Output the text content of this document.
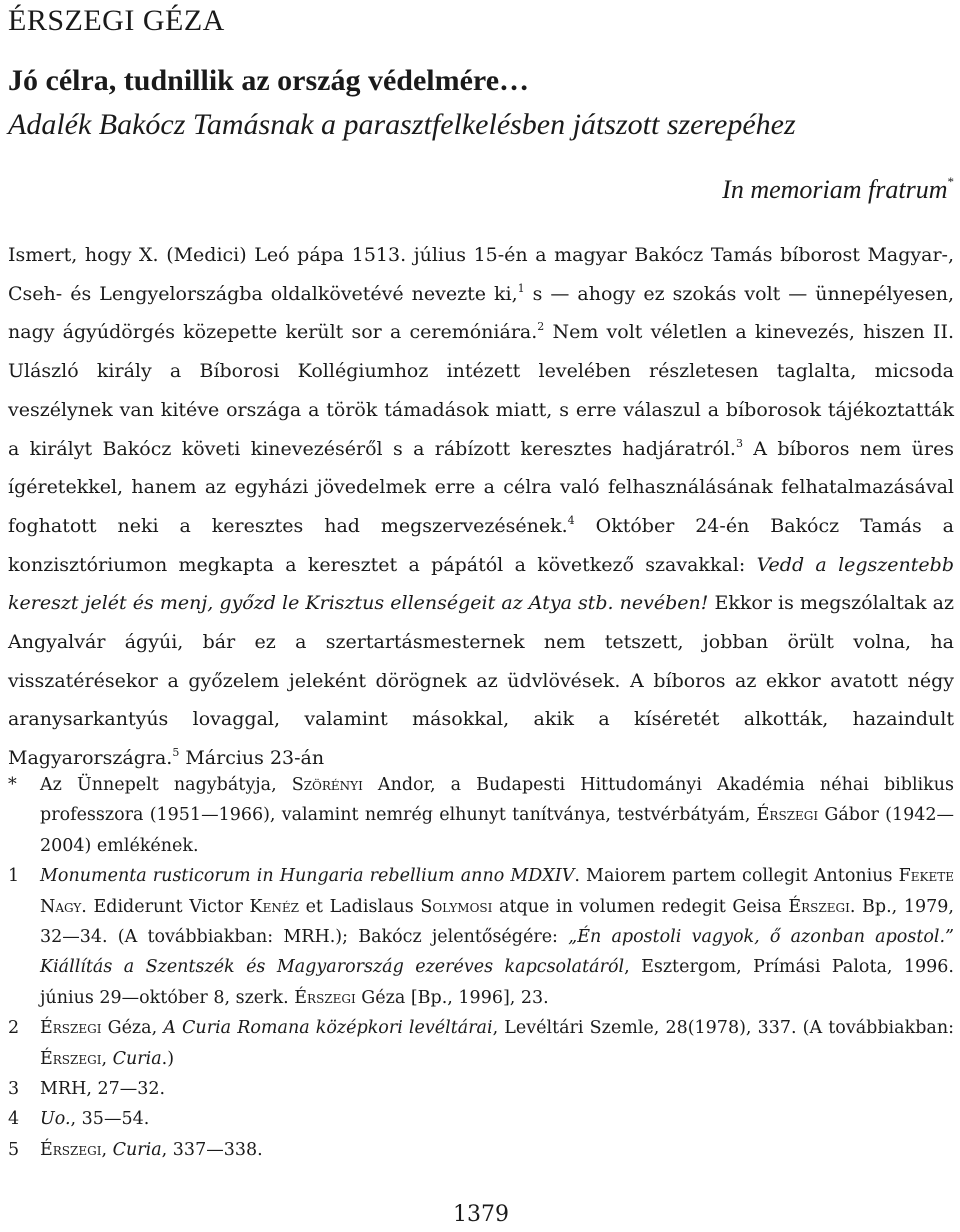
ÉRSZEGI GÉZA
Jó célra, tudnillik az ország védelmére…
Adalék Bakócz Tamásnak a parasztfelkelésben játszott szerepéhez
In memoriam fratrum*

Ismert, hogy X. (Medici) Leó pápa 1513. július 15-én a magyar Bakócz Tamás bíborost Magyar-, Cseh- és Lengyelországba oldalkövetévé nevezte ki,$^1$ s — ahogy ez szokás volt — ünnepélyesen, nagy ágyúdörgés közepette került sor a ceremóniára.$^2$ Nem volt véletlen a kinevezés, hiszen II. Ulászló király a Bíborosi Kollégiumhoz intézett levelében részletesen taglalta, micsoda veszélynek van kitéve országa a török támadások miatt, s erre válaszul a bíborosok tájékoztatták a királyt Bakócz követi kinevezéséről s a rábízott keresztes hadjáratról.$^3$ A bíboros nem üres ígéretekkel, hanem az egyházi jövedelmek erre a célra való felhasználásának felhatalmazásával foghatott neki a keresztes had megszervezésének.$^4$ Október 24-én Bakócz Tamás a konzisztóriumon megkapta a keresztet a pápától a következő szavakkal: Vedd a legszentebb kereszt jelét és menj, győzd le Krisztus ellenségeit az Atya stb. nevében! Ekkor is megszólaltak az Angyalvár ágyúi, bár ez a szertartásmesternek nem tetszett, jobban örült volna, ha visszatérésekor a győzelem jeleként dörögnek az üdvlövések. A bíboros az ekkor avatott négy aranysarkantyús lovaggal, valamint másokkal, akik a kíséretét alkották, hazaindult Magyarországra.$^5$ Március 23-án

* Az Ünnepelt nagybátyja, Szörényi Andor, a Budapesti Hittudományi Akadémia néhai biblikus professzora (1951—1966), valamint nemrég elhunyt tanítványa, testvérbátyám, Érszegi Gábor (1942—2004) emlékének.
1 Monumenta rusticorum in Hungaria rebellium anno MDXIV. Maiorem partem collegit Antonius Fekete Nagy. Ediderunt Victor Kenéz et Ladislaus Solymosi atque in volumen redegit Geisa Érszegi. Bp., 1979, 32—34. (A továbbiakban: MRH.); Bakócz jelentőségére: „Én apostoli vagyok, ő azonban apostol.” Kiállítás a Szentszék és Magyarország ezeréves kapcsolatáról, Esztergom, Prímási Palota, 1996. június 29—október 8, szerk. Érszegi Géza [Bp., 1996], 23.
2 Érszegi Géza, A Curia Romana középkori levéltárai, Levéltári Szemle, 28(1978), 337. (A továbbiakban: Érszegi, Curia.)
3 MRH, 27—32.
4 Uo., 35—54.
5 Érszegi, Curia, 337—338.
1379
